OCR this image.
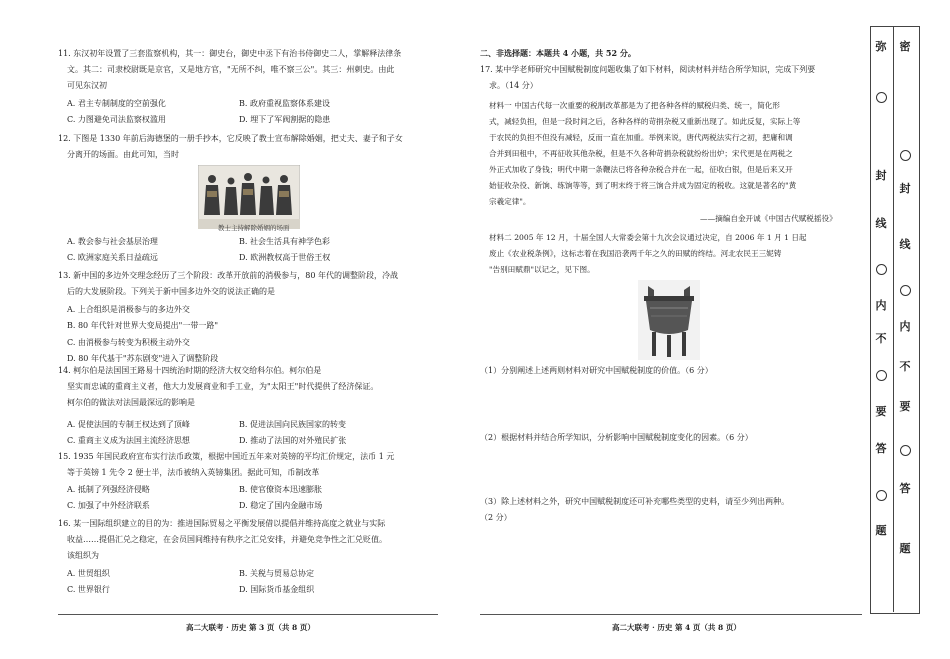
11. 东汉初年设置了三套监察机构，其一：御史台，御史中丞下有治书侍御史二人，掌解释法律条
文。其二：司隶校尉既是京官，又是地方官，"无所不纠，唯不察三公"。其三：州刺史。由此
可见东汉初
A. 君主专制制度的空前强化	B. 政府重视监察体系建设
C. 力图避免司法监察权滥用	D. 埋下了军阀割据的隐患
12. 下图是 1330 年前后海德堡的一册手抄本，它反映了教士宣布解除婚姻，把丈夫、妻子和子女
分离开的场面。由此可知，当时
教士主持解除婚姻的场面
A. 教会参与社会基层治理	B. 社会生活具有神学色彩
C. 欧洲家庭关系日益疏远	D. 欧洲教权高于世俗王权
13. 新中国的多边外交理念经历了三个阶段：改革开放前的消极参与，80 年代的调整阶段，冷战
后的大发展阶段。下列关于新中国多边外交的说法正确的是
A. 上合组织是消极参与的多边外交
B. 80 年代针对世界大变局提出"一带一路"
C. 由消极参与转变为积极主动外交
D. 80 年代基于"苏东剧变"进入了调整阶段
14. 柯尔伯是法国国王路易十四统治时期的经济大权交给科尔伯。柯尔伯是
坚实而忠诚的重商主义者，他大力发展商业和手工业，为"太阳王"时代提供了经济保证。
柯尔伯的做法对法国最深远的影响是
A. 促使法国的专制王权达到了顶峰	B. 促进法国向民族国家的转变
C. 重商主义成为法国主流经济思想	D. 推动了法国的对外殖民扩张
15. 1935 年国民政府宣布实行法币政策，根据中国近五年来对英镑的平均汇价规定，法币 1 元
等于英镑 1 先令 2 便士半，法币被纳入英镑集团。据此可知，币制改革
A. 抵制了列强经济侵略	B. 使官僚资本迅速膨胀
C. 加强了中外经济联系	D. 稳定了国内金融市场
16. 某一国际组织建立的目的为：推进国际贸易之平衡发展借以提倡并维持高度之就业与实际
收益……提倡汇兑之稳定，在会员国间维持有秩序之汇兑安排，并避免竞争性之汇兑贬值。
该组织为
A. 世贸组织	B. 关税与贸易总协定
C. 世界银行	D. 国际货币基金组织
高二大联考 · 历史 第 3 页（共 8 页）
二、非选择题：本题共 4 小题，共 52 分。
17. 某中学老师研究中国赋税制度问题收集了如下材料，阅读材料并结合所学知识，完成下列要
求。（14 分）
材料一 中国古代每一次重要的税制改革都是为了把各种各样的赋税归类、统一，简化形
式，减轻负担，但是一段时间之后，各种各样的苛捐杂税又重新出现了。如此反复，实际上等
于农民的负担不但没有减轻，反而一直在加重。举例来说，唐代两税法实行之初，把庸和调
合并到田租中，不再征收其他杂税，但是不久各种苛捐杂税就纷纷出炉；宋代更是在两税之
外正式加收了身钱；明代中期一条鞭法已将各种杂税合并在一起，征收白银，但是后来又开
始征收杂役、新饷、练饷等等，到了明末终于将三饷合并成为固定的税收。这就是著名的"黄
宗羲定律"。
——摘编自金开诚《中国古代赋税摇役》
材料二 2005 年 12 月，十届全国人大常委会第十九次会议通过决定，自 2006 年 1 月 1 日起
废止《农业税条例》，这标志着在我国沿袭两千年之久的田赋的终结。河北农民王三妮铸
"告别田赋鼎"以记之，见下图。
（1）分别阐述上述两则材料对研究中国赋税制度的价值。（6 分）
（2）根据材料并结合所学知识，分析影响中国赋税制度变化的因素。（6 分）
（3）除上述材料之外，研究中国赋税制度还可补充哪些类型的史料，请至少列出两种。
（2 分）
高二大联考 · 历史 第 4 页（共 8 页）
弥
封
线
内
不
要
答
题
密
封
线
内
不
要
答
题
